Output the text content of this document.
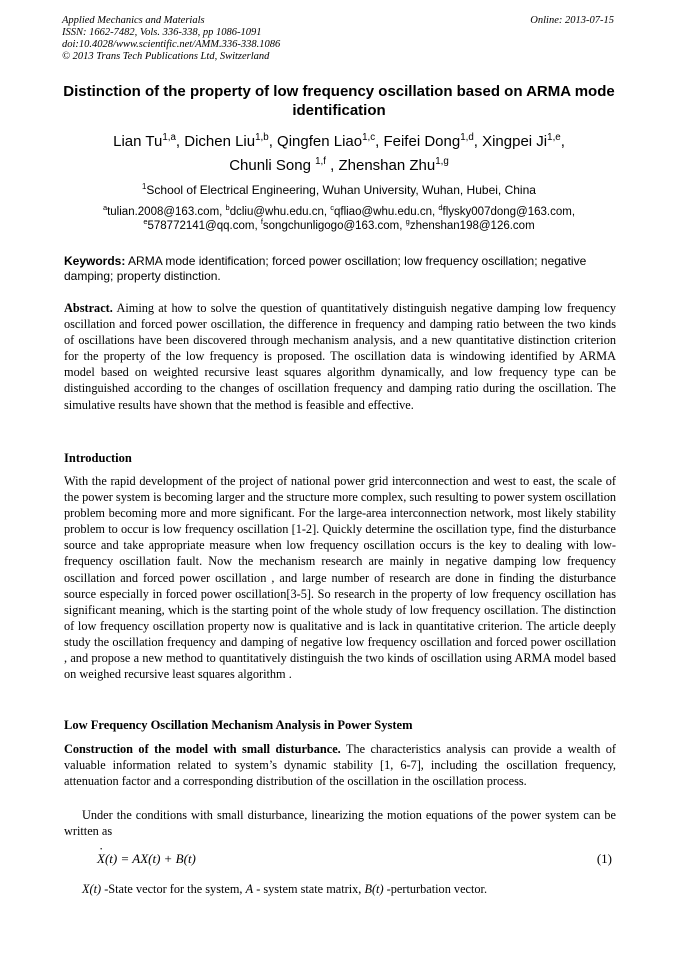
Applied Mechanics and Materials
ISSN: 1662-7482, Vols. 336-338, pp 1086-1091
doi:10.4028/www.scientific.net/AMM.336-338.1086
© 2013 Trans Tech Publications Ltd, Switzerland
Online: 2013-07-15
Distinction of the property of low frequency oscillation based on ARMA mode identification
Lian Tu$^{1,a}$, Dichen Liu$^{1,b}$, Qingfen Liao$^{1,c}$, Feifei Dong$^{1,d}$, Xingpei Ji$^{1,e}$,
Chunli Song $^{1,f}$ , Zhenshan Zhu$^{1,g}$
$^1$School of Electrical Engineering, Wuhan University, Wuhan, Hubei, China
$^a$tulian.2008@163.com, $^b$dcliu@whu.edu.cn, $^c$qfliao@whu.edu.cn, $^d$flysky007dong@163.com,
$^e$578772141@qq.com, $^f$songchunligogo@163.com, $^g$zhenshan198@126.com
Keywords: ARMA mode identification; forced power oscillation; low frequency oscillation; negative damping; property distinction.
Abstract. Aiming at how to solve the question of quantitatively distinguish negative damping low frequency oscillation and forced power oscillation, the difference in frequency and damping ratio between the two kinds of oscillations have been discovered through mechanism analysis, and a new quantitative distinction criterion for the property of the low frequency is proposed. The oscillation data is windowing identified by ARMA model based on weighted recursive least squares algorithm dynamically, and low frequency type can be distinguished according to the changes of oscillation frequency and damping ratio during the oscillation. The simulative results have shown that the method is feasible and effective.
Introduction
With the rapid development of the project of national power grid interconnection and west to east, the scale of the power system is becoming larger and the structure more complex, such resulting to power system oscillation problem becoming more and more significant. For the large-area interconnection network, most likely stability problem to occur is low frequency oscillation [1-2]. Quickly determine the oscillation type, find the disturbance source and take appropriate measure when low frequency oscillation occurs is the key to dealing with low-frequency oscillation fault. Now the mechanism research are mainly in negative damping low frequency oscillation and forced power oscillation , and large number of research are done in finding the disturbance source especially in forced power oscillation[3-5]. So research in the property of low frequency oscillation has significant meaning, which is the starting point of the whole study of low frequency oscillation. The distinction of low frequency oscillation property now is qualitative and is lack in quantitative criterion. The article deeply study the oscillation frequency and damping of negative low frequency oscillation and forced power oscillation , and propose a new method to quantitatively distinguish the two kinds of oscillation using ARMA model based on weighed recursive least squares algorithm .
Low Frequency Oscillation Mechanism Analysis in Power System
Construction of the model with small disturbance. The characteristics analysis can provide a wealth of valuable information related to system’s dynamic stability [1, 6-7], including the oscillation frequency, attenuation factor and a corresponding distribution of the oscillation in the oscillation process.
Under the conditions with small disturbance, linearizing the motion equations of the power system can be written as
· X(t) = AX(t) + B(t)	(1)
X(t) -State vector for the system, A - system state matrix, B(t) -perturbation vector.
